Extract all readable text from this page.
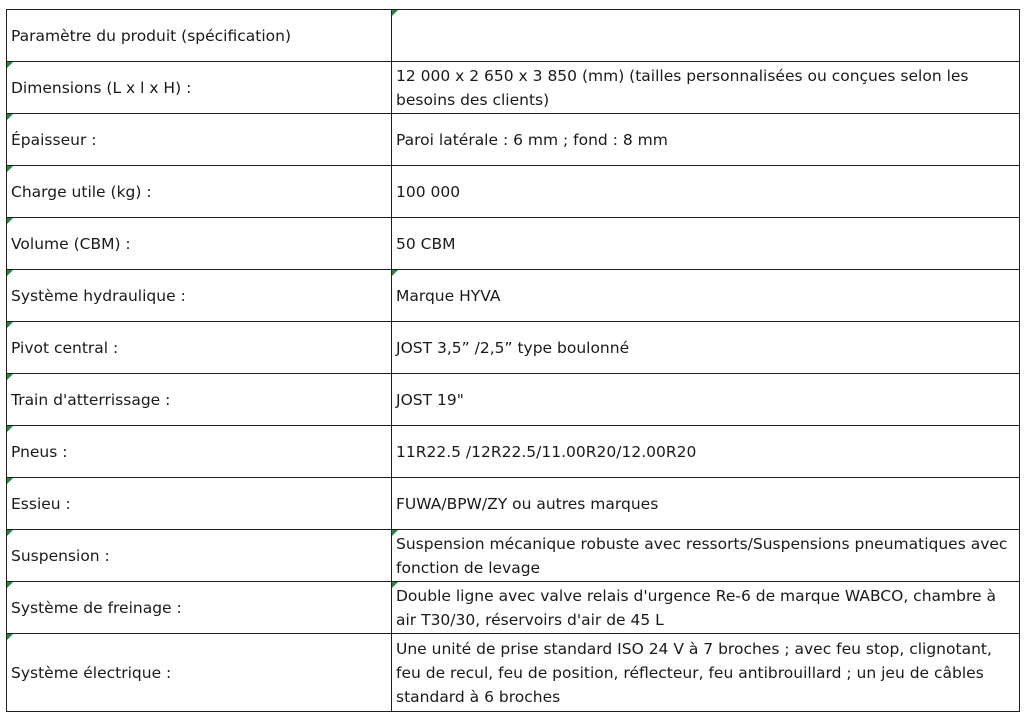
Paramètre du produit (spécification)	

Dimensions (L x l x H) :	12 000 x 2 650 x 3 850 (mm) (tailles personnalisées ou conçues selon les besoins des clients)

Épaisseur :	Paroi latérale : 6 mm ; fond : 8 mm

Charge utile (kg) :	100 000

Volume (CBM) :	50 CBM

Système hydraulique :	Marque HYVA

Pivot central :	JOST 3,5” /2,5” type boulonné

Train d'atterrissage :	JOST 19"

Pneus :	11R22.5 /12R22.5/11.00R20/12.00R20

Essieu :	FUWA/BPW/ZY ou autres marques

Suspension :	Suspension mécanique robuste avec ressorts/Suspensions pneumatiques avec fonction de levage

Système de freinage :	Double ligne avec valve relais d'urgence Re-6 de marque WABCO, chambre à air T30/30, réservoirs d'air de 45 L

Système électrique :	Une unité de prise standard ISO 24 V à 7 broches ; avec feu stop, clignotant, feu de recul, feu de position, réflecteur, feu antibrouillard ; un jeu de câbles standard à 6 broches
